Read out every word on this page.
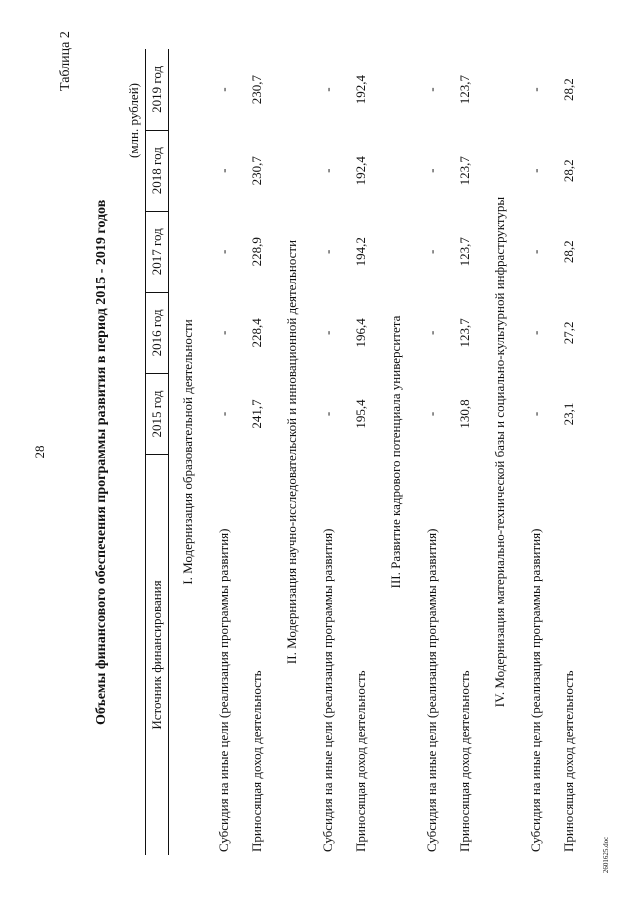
28
2601625.doc
Таблица 2
Объемы финансового обеспечения программы развития в период 2015 - 2019 годов
(млн. рублей)
Источник финансирования	2015 год	2016 год	2017 год	2018 год	2019 год
I. Модернизация образовательной деятельности					
Субсидия на иные цели (реализация программы развития)	-	-	-	-	-
Приносящая доход деятельность	241,7	228,4	228,9	230,7	230,7
II. Модернизация научно-исследовательской и инновационной деятельности					
Субсидия на иные цели (реализация программы развития)	-	-	-	-	-
Приносящая доход деятельность	195,4	196,4	194,2	192,4	192,4
III. Развитие кадрового потенциала университета					
Субсидия на иные цели (реализация программы развития)	-	-	-	-	-
Приносящая доход деятельность	130,8	123,7	123,7	123,7	123,7
IV. Модернизация материально-технической базы и социально-культурной инфраструктуры					
Субсидия на иные цели (реализация программы развития)	-	-	-	-	-
Приносящая доход деятельность	23,1	27,2	28,2	28,2	28,2
